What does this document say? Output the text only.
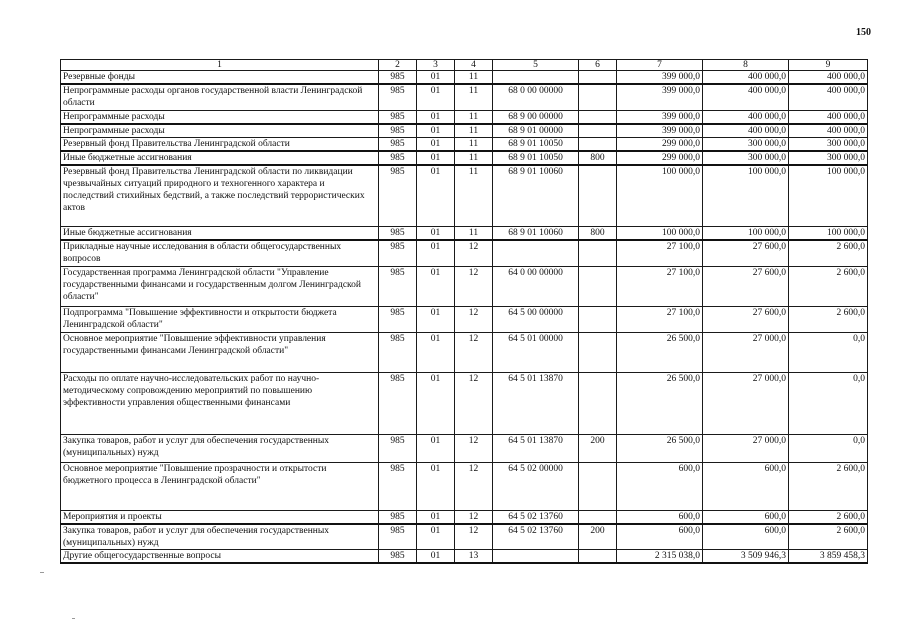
150
1	2	3	4	5	6	7	8	9
Резервные фонды	985	01	11			399 000,0	400 000,0	400 000,0
Непрограммные расходы органов государственной власти Ленинградской области	985	01	11	68 0 00 00000		399 000,0	400 000,0	400 000,0
Непрограммные расходы	985	01	11	68 9 00 00000		399 000,0	400 000,0	400 000,0
Непрограммные расходы	985	01	11	68 9 01 00000		399 000,0	400 000,0	400 000,0
Резервный фонд Правительства Ленинградской области	985	01	11	68 9 01 10050		299 000,0	300 000,0	300 000,0
Иные бюджетные ассигнования	985	01	11	68 9 01 10050	800	299 000,0	300 000,0	300 000,0
Резервный фонд Правительства Ленинградской области по ликвидации чрезвычайных ситуаций природного и техногенного характера и последствий стихийных бедствий, а также последствий террористических актов	985	01	11	68 9 01 10060		100 000,0	100 000,0	100 000,0
Иные бюджетные ассигнования	985	01	11	68 9 01 10060	800	100 000,0	100 000,0	100 000,0
Прикладные научные исследования в области общегосударственных вопросов	985	01	12			27 100,0	27 600,0	2 600,0
Государственная программа Ленинградской области "Управление государственными финансами и государственным долгом Ленинградской области"	985	01	12	64 0 00 00000		27 100,0	27 600,0	2 600,0
Подпрограмма "Повышение эффективности и открытости бюджета Ленинградской области"	985	01	12	64 5 00 00000		27 100,0	27 600,0	2 600,0
Основное мероприятие "Повышение эффективности управления государственными финансами Ленинградской области"	985	01	12	64 5 01 00000		26 500,0	27 000,0	0,0
Расходы по оплате научно-исследовательских работ по научно-методическому сопровождению мероприятий по повышению эффективности управления общественными финансами	985	01	12	64 5 01 13870		26 500,0	27 000,0	0,0
Закупка товаров, работ и услуг для обеспечения государственных (муниципальных) нужд	985	01	12	64 5 01 13870	200	26 500,0	27 000,0	0,0
Основное мероприятие "Повышение прозрачности и открытости бюджетного процесса в Ленинградской области"	985	01	12	64 5 02 00000		600,0	600,0	2 600,0
Мероприятия и проекты	985	01	12	64 5 02 13760		600,0	600,0	2 600,0
Закупка товаров, работ и услуг для обеспечения государственных (муниципальных) нужд	985	01	12	64 5 02 13760	200	600,0	600,0	2 600,0
Другие общегосударственные вопросы	985	01	13			2 315 038,0	3 509 946,3	3 859 458,3
